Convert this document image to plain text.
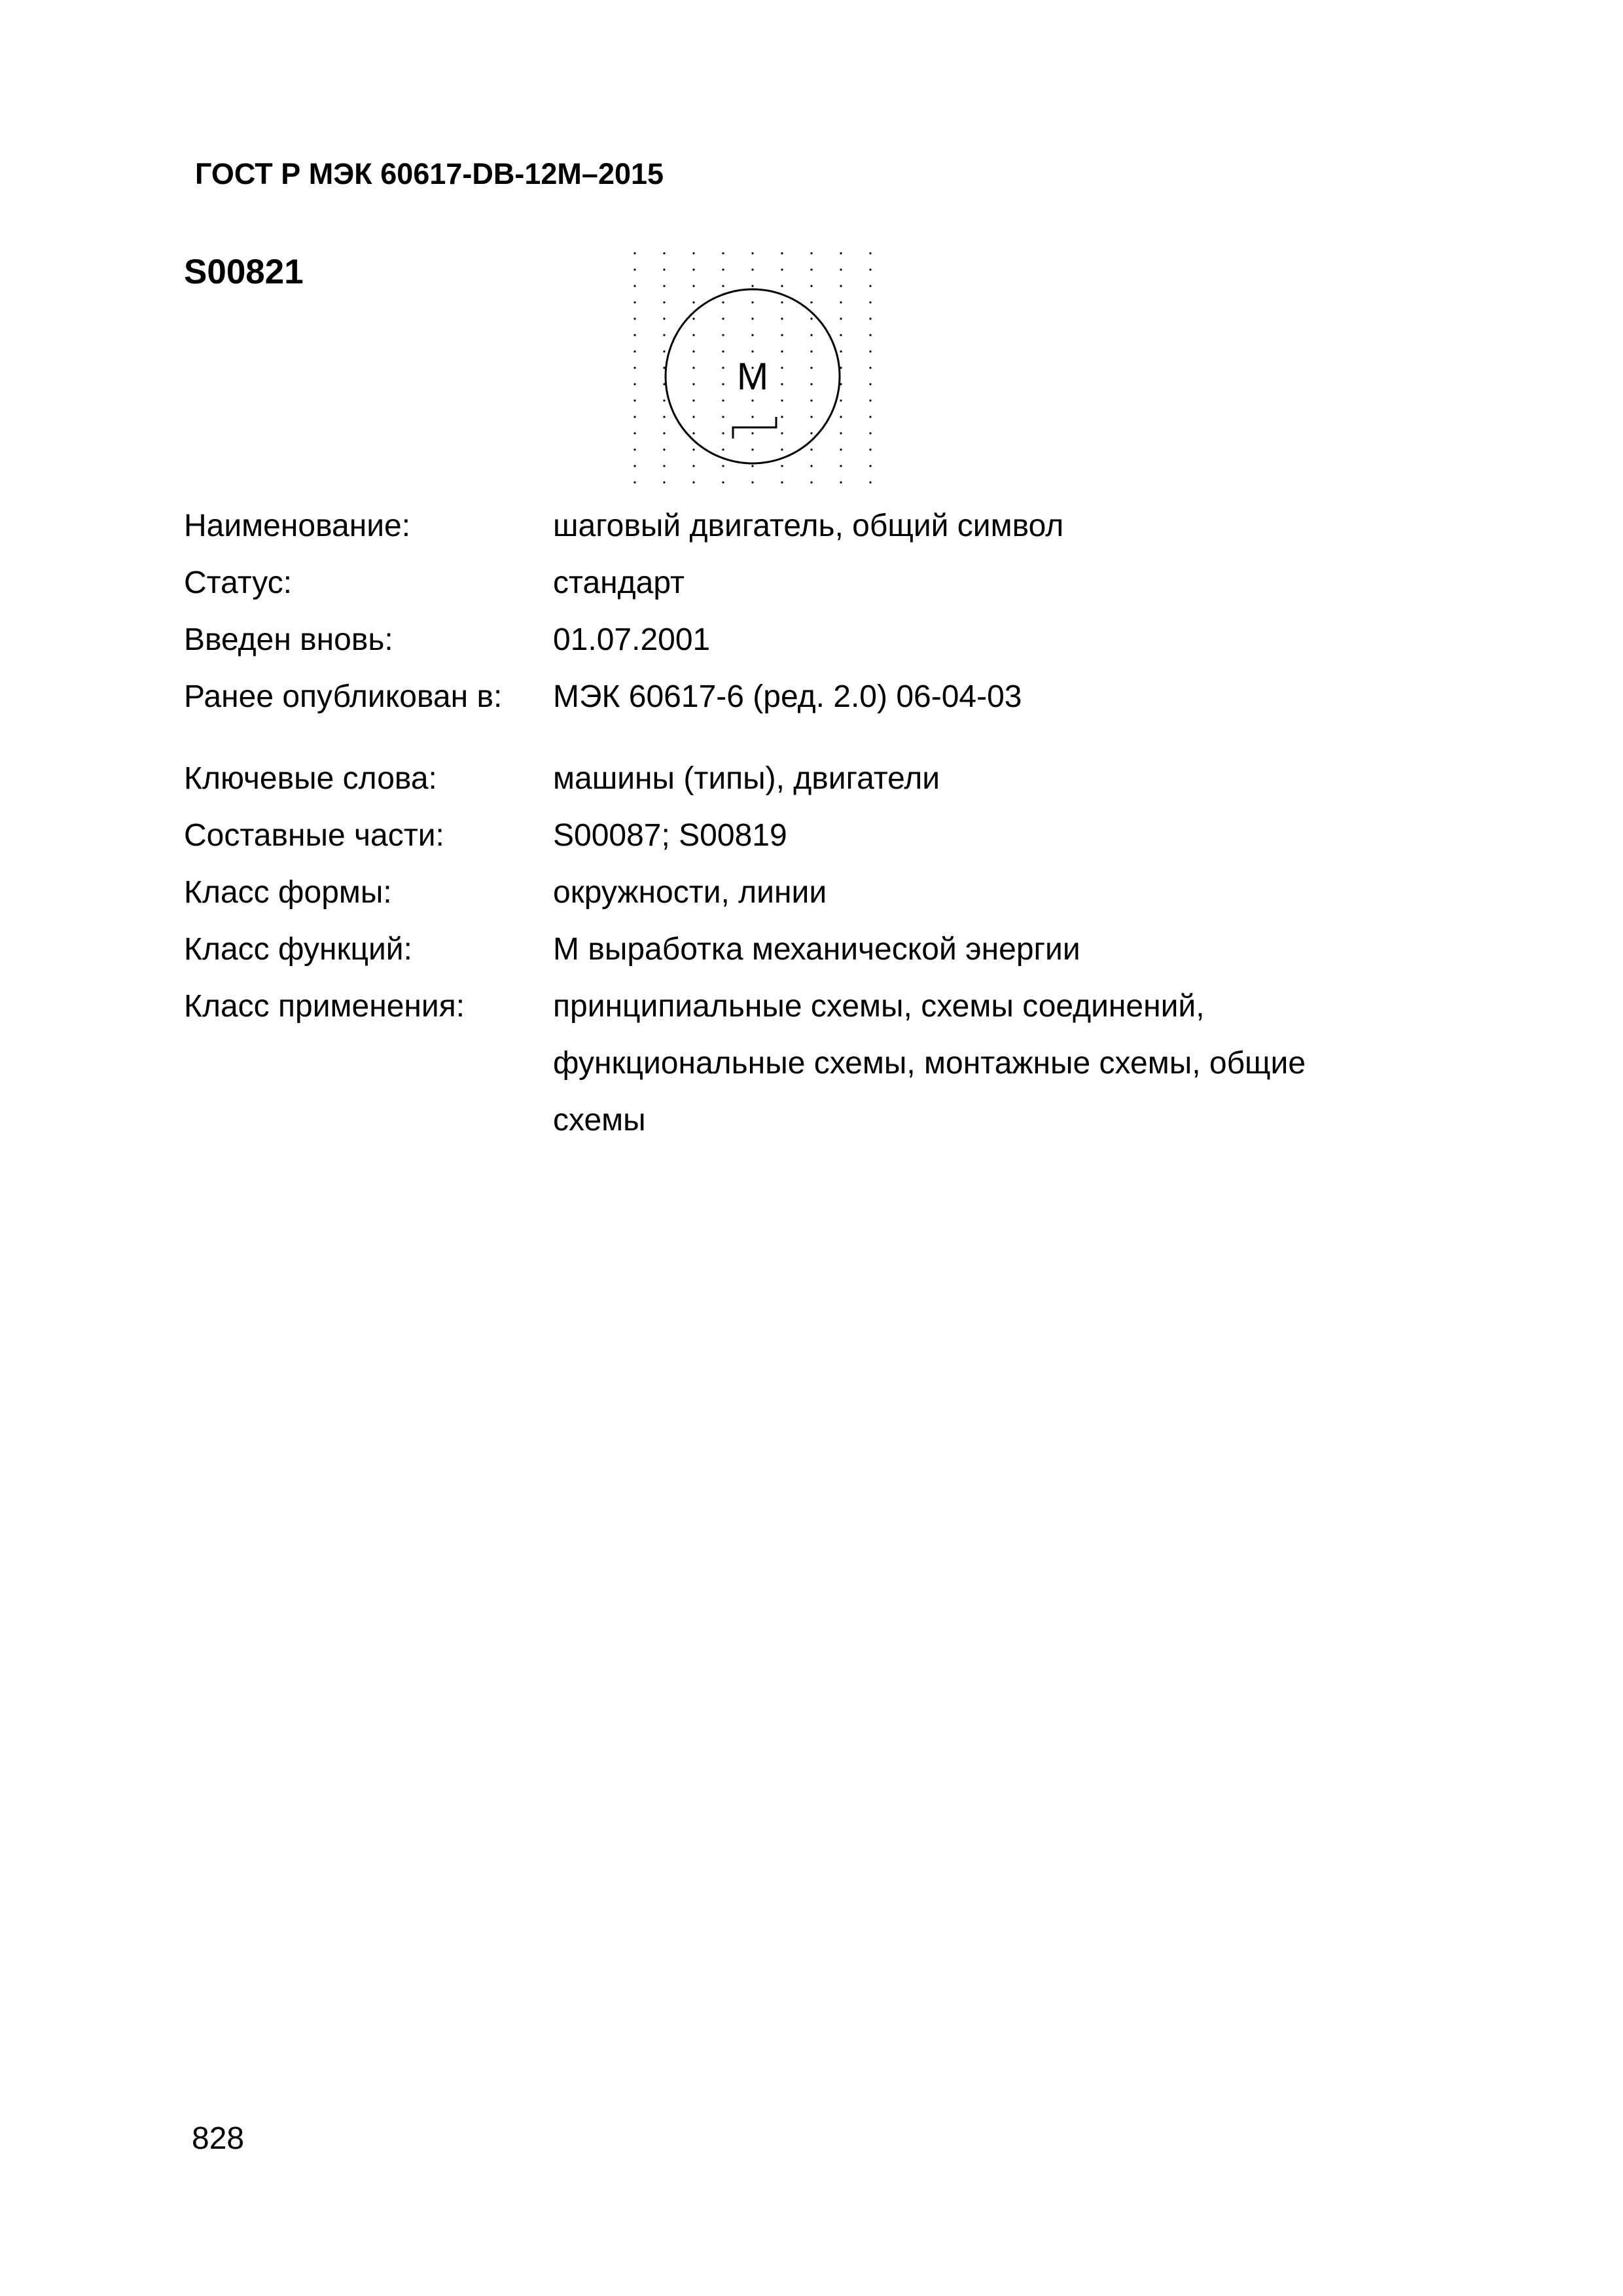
ГОСТ Р МЭК 60617-DB-12M–2015
S00821
M
Наименование:	шаговый двигатель, общий символ
Статус:	стандарт
Введен вновь:	01.07.2001
Ранее опубликован в:	МЭК 60617-6 (ред. 2.0) 06-04-03
Ключевые слова:	машины (типы), двигатели
Составные части:	S00087; S00819
Класс формы:	окружности, линии
Класс функций:	M выработка механической энергии
Класс применения:	принципиальные схемы, схемы соединений, функциональные схемы, монтажные схемы, общие схемы
828
